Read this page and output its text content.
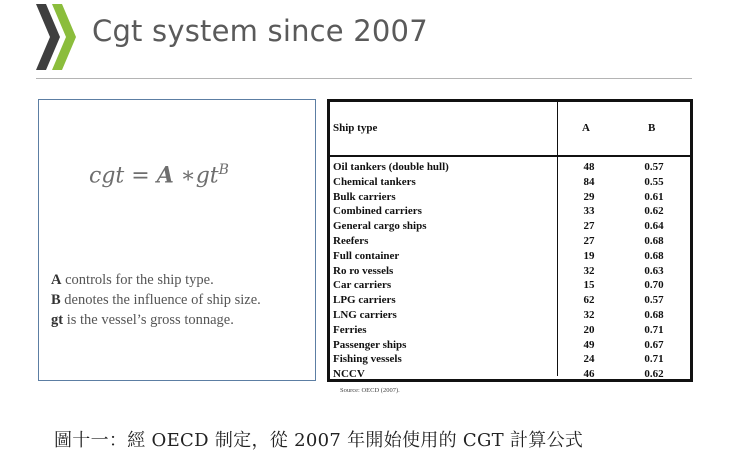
Cgt system since 2007
cgt = A $∗gt^B$
A controls for the ship type.
B denotes the influence of ship size.
gt is the vessel’s gross tonnage.
Ship type	A	B
Oil tankers (double hull)	48	0.57
Chemical tankers	84	0.55
Bulk carriers	29	0.61
Combined carriers	33	0.62
General cargo ships	27	0.64
Reefers	27	0.68
Full container	19	0.68
Ro ro vessels	32	0.63
Car carriers	15	0.70
LPG carriers	62	0.57
LNG carriers	32	0.68
Ferries	20	0.71
Passenger ships	49	0.67
Fishing vessels	24	0.71
NCCV	46	0.62
Source: OECD (2007).
圖十一：經 OECD 制定，從 2007 年開始使用的 CGT 計算公式
